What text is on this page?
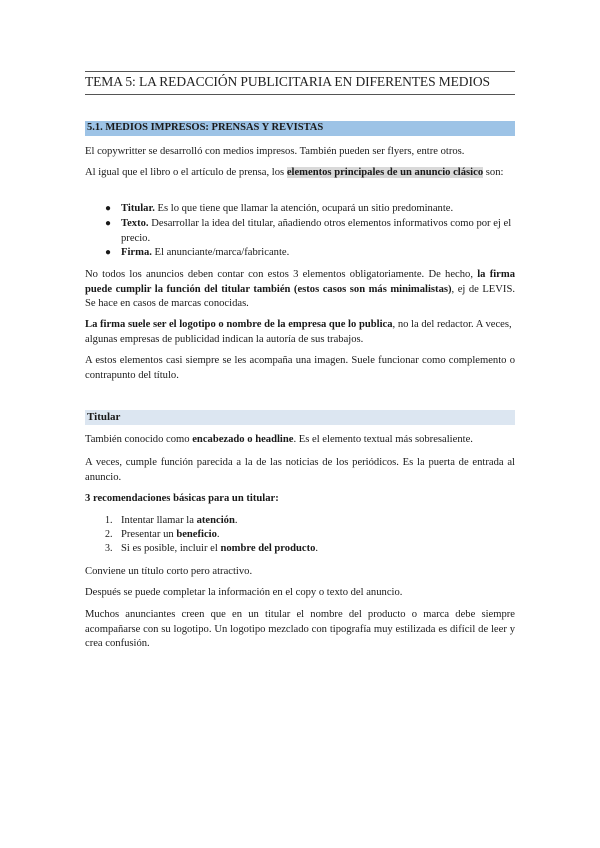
TEMA 5: LA REDACCIÓN PUBLICITARIA EN DIFERENTES MEDIOS
5.1. MEDIOS IMPRESOS: PRENSAS Y REVISTAS
El copywritter se desarrolló con medios impresos. También pueden ser flyers, entre otros.
Al igual que el libro o el artículo de prensa, los elementos principales de un anuncio clásico son:
● Titular. Es lo que tiene que llamar la atención, ocupará un sitio predominante.
● Texto. Desarrollar la idea del titular, añadiendo otros elementos informativos como por ej el precio.
● Firma. El anunciante/marca/fabricante.
No todos los anuncios deben contar con estos 3 elementos obligatoriamente. De hecho, la firma puede cumplir la función del titular también (estos casos son más minimalistas), ej de LEVIS. Se hace en casos de marcas conocidas.
La firma suele ser el logotipo o nombre de la empresa que lo publica, no la del redactor. A veces, algunas empresas de publicidad indican la autoría de sus trabajos.
A estos elementos casi siempre se les acompaña una imagen. Suele funcionar como complemento o contrapunto del título.
Titular
También conocido como encabezado o headline. Es el elemento textual más sobresaliente.
A veces, cumple función parecida a la de las noticias de los periódicos. Es la puerta de entrada al anuncio.
3 recomendaciones básicas para un titular:
1. Intentar llamar la atención.
2. Presentar un beneficio.
3. Si es posible, incluir el nombre del producto.
Conviene un título corto pero atractivo.
Después se puede completar la información en el copy o texto del anuncio.
Muchos anunciantes creen que en un titular el nombre del producto o marca debe siempre acompañarse con su logotipo. Un logotipo mezclado con tipografía muy estilizada es difícil de leer y crea confusión.
